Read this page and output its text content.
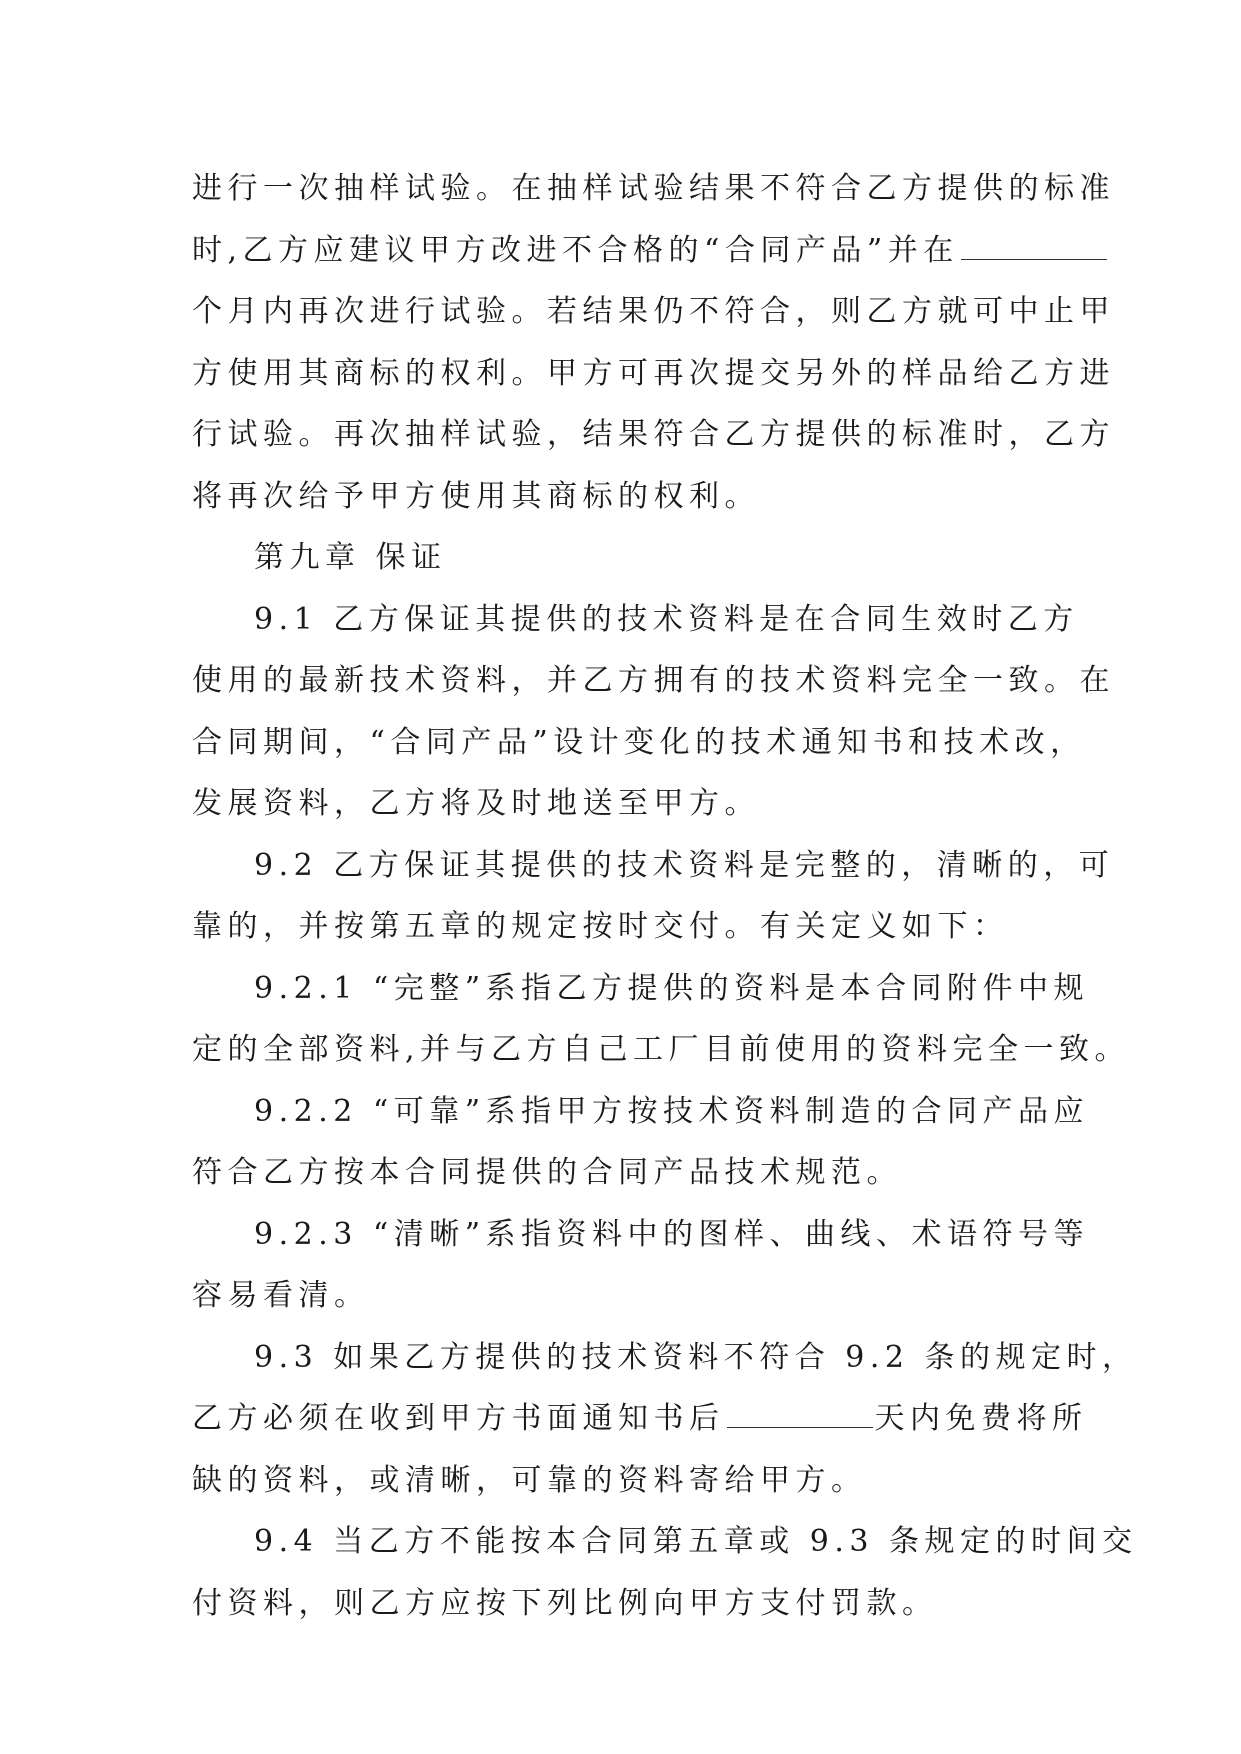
进行一次抽样试验。在抽样试验结果不符合乙方提供的标准
时,乙方应建议甲方改进不合格的“合同产品”并在
个月内再次进行试验。若结果仍不符合，则乙方就可中止甲
方使用其商标的权利。甲方可再次提交另外的样品给乙方进
行试验。再次抽样试验，结果符合乙方提供的标准时，乙方
将再次给予甲方使用其商标的权利。
第九章 保证
9.1 乙方保证其提供的技术资料是在合同生效时乙方
使用的最新技术资料，并乙方拥有的技术资料完全一致。在
合同期间，“合同产品”设计变化的技术通知书和技术改，
发展资料，乙方将及时地送至甲方。
9.2 乙方保证其提供的技术资料是完整的，清晰的，可
靠的，并按第五章的规定按时交付。有关定义如下：
9.2.1 “完整”系指乙方提供的资料是本合同附件中规
定的全部资料,并与乙方自己工厂目前使用的资料完全一致。
9.2.2 “可靠”系指甲方按技术资料制造的合同产品应
符合乙方按本合同提供的合同产品技术规范。
9.2.3 “清晰”系指资料中的图样、曲线、术语符号等
容易看清。
9.3 如果乙方提供的技术资料不符合 9.2 条的规定时，
乙方必须在收到甲方书面通知书后	天内免费将所
缺的资料，或清晰，可靠的资料寄给甲方。
9.4 当乙方不能按本合同第五章或 9.3 条规定的时间交
付资料，则乙方应按下列比例向甲方支付罚款。
